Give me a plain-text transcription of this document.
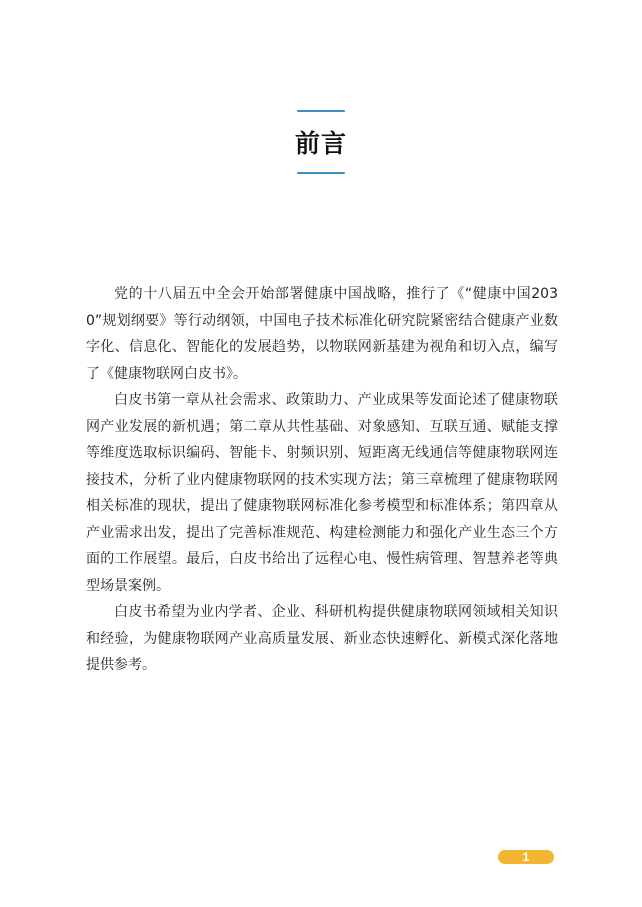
前言

党的十八届五中全会开始部署健康中国战略，推行了《“健康中国2030”规划纲要》等行动纲领，中国电子技术标准化研究院紧密结合健康产业数字化、信息化、智能化的发展趋势，以物联网新基建为视角和切入点，编写了《健康物联网白皮书》。

白皮书第一章从社会需求、政策助力、产业成果等发面论述了健康物联网产业发展的新机遇；第二章从共性基础、对象感知、互联互通、赋能支撑等维度选取标识编码、智能卡、射频识别、短距离无线通信等健康物联网连接技术，分析了业内健康物联网的技术实现方法；第三章梳理了健康物联网相关标准的现状，提出了健康物联网标准化参考模型和标准体系；第四章从产业需求出发，提出了完善标准规范、构建检测能力和强化产业生态三个方面的工作展望。最后，白皮书给出了远程心电、慢性病管理、智慧养老等典型场景案例。

白皮书希望为业内学者、企业、科研机构提供健康物联网领域相关知识和经验，为健康物联网产业高质量发展、新业态快速孵化、新模式深化落地提供参考。

1
